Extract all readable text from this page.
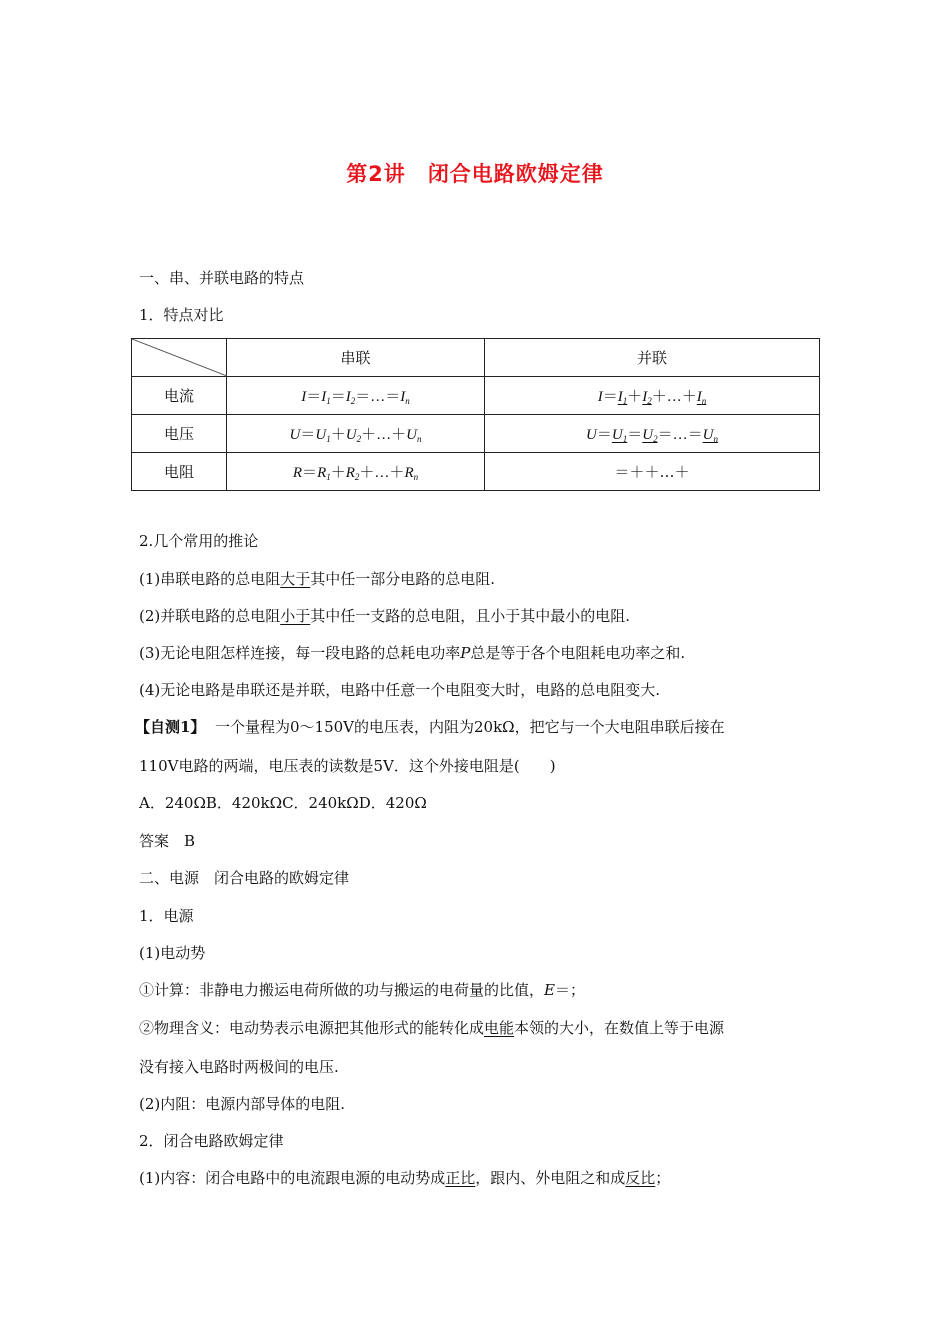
第2讲 闭合电路欧姆定律
一、串、并联电路的特点
1．特点对比
	串联	并联
电流	$I=I_1=I_2=\dots=I_n$	$I=I_1+I_2+\dots+I_n$
电压	$U=U_1+U_2+\dots+U_n$	$U=U_1=U_2=\dots=U_n$
电阻	$R=R_1+R_2+\dots+R_n$	＝＋＋…＋
2.几个常用的推论
(1)串联电路的总电阻大于其中任一部分电路的总电阻.
(2)并联电路的总电阻小于其中任一支路的总电阻，且小于其中最小的电阻.
(3)无论电阻怎样连接，每一段电路的总耗电功率P总是等于各个电阻耗电功率之和.
(4)无论电路是串联还是并联，电路中任意一个电阻变大时，电路的总电阻变大.
【自测1】 一个量程为0～150V的电压表，内阻为20kΩ，把它与一个大电阻串联后接在
110V电路的两端，电压表的读数是5V．这个外接电阻是(　　)
A．240ΩB．420kΩC．240kΩD．420Ω
答案　B
二、电源　闭合电路的欧姆定律
1．电源
(1)电动势
①计算：非静电力搬运电荷所做的功与搬运的电荷量的比值，E＝；
②物理含义：电动势表示电源把其他形式的能转化成电能本领的大小，在数值上等于电源
没有接入电路时两极间的电压.
(2)内阻：电源内部导体的电阻.
2．闭合电路欧姆定律
(1)内容：闭合电路中的电流跟电源的电动势成正比，跟内、外电阻之和成反比；
